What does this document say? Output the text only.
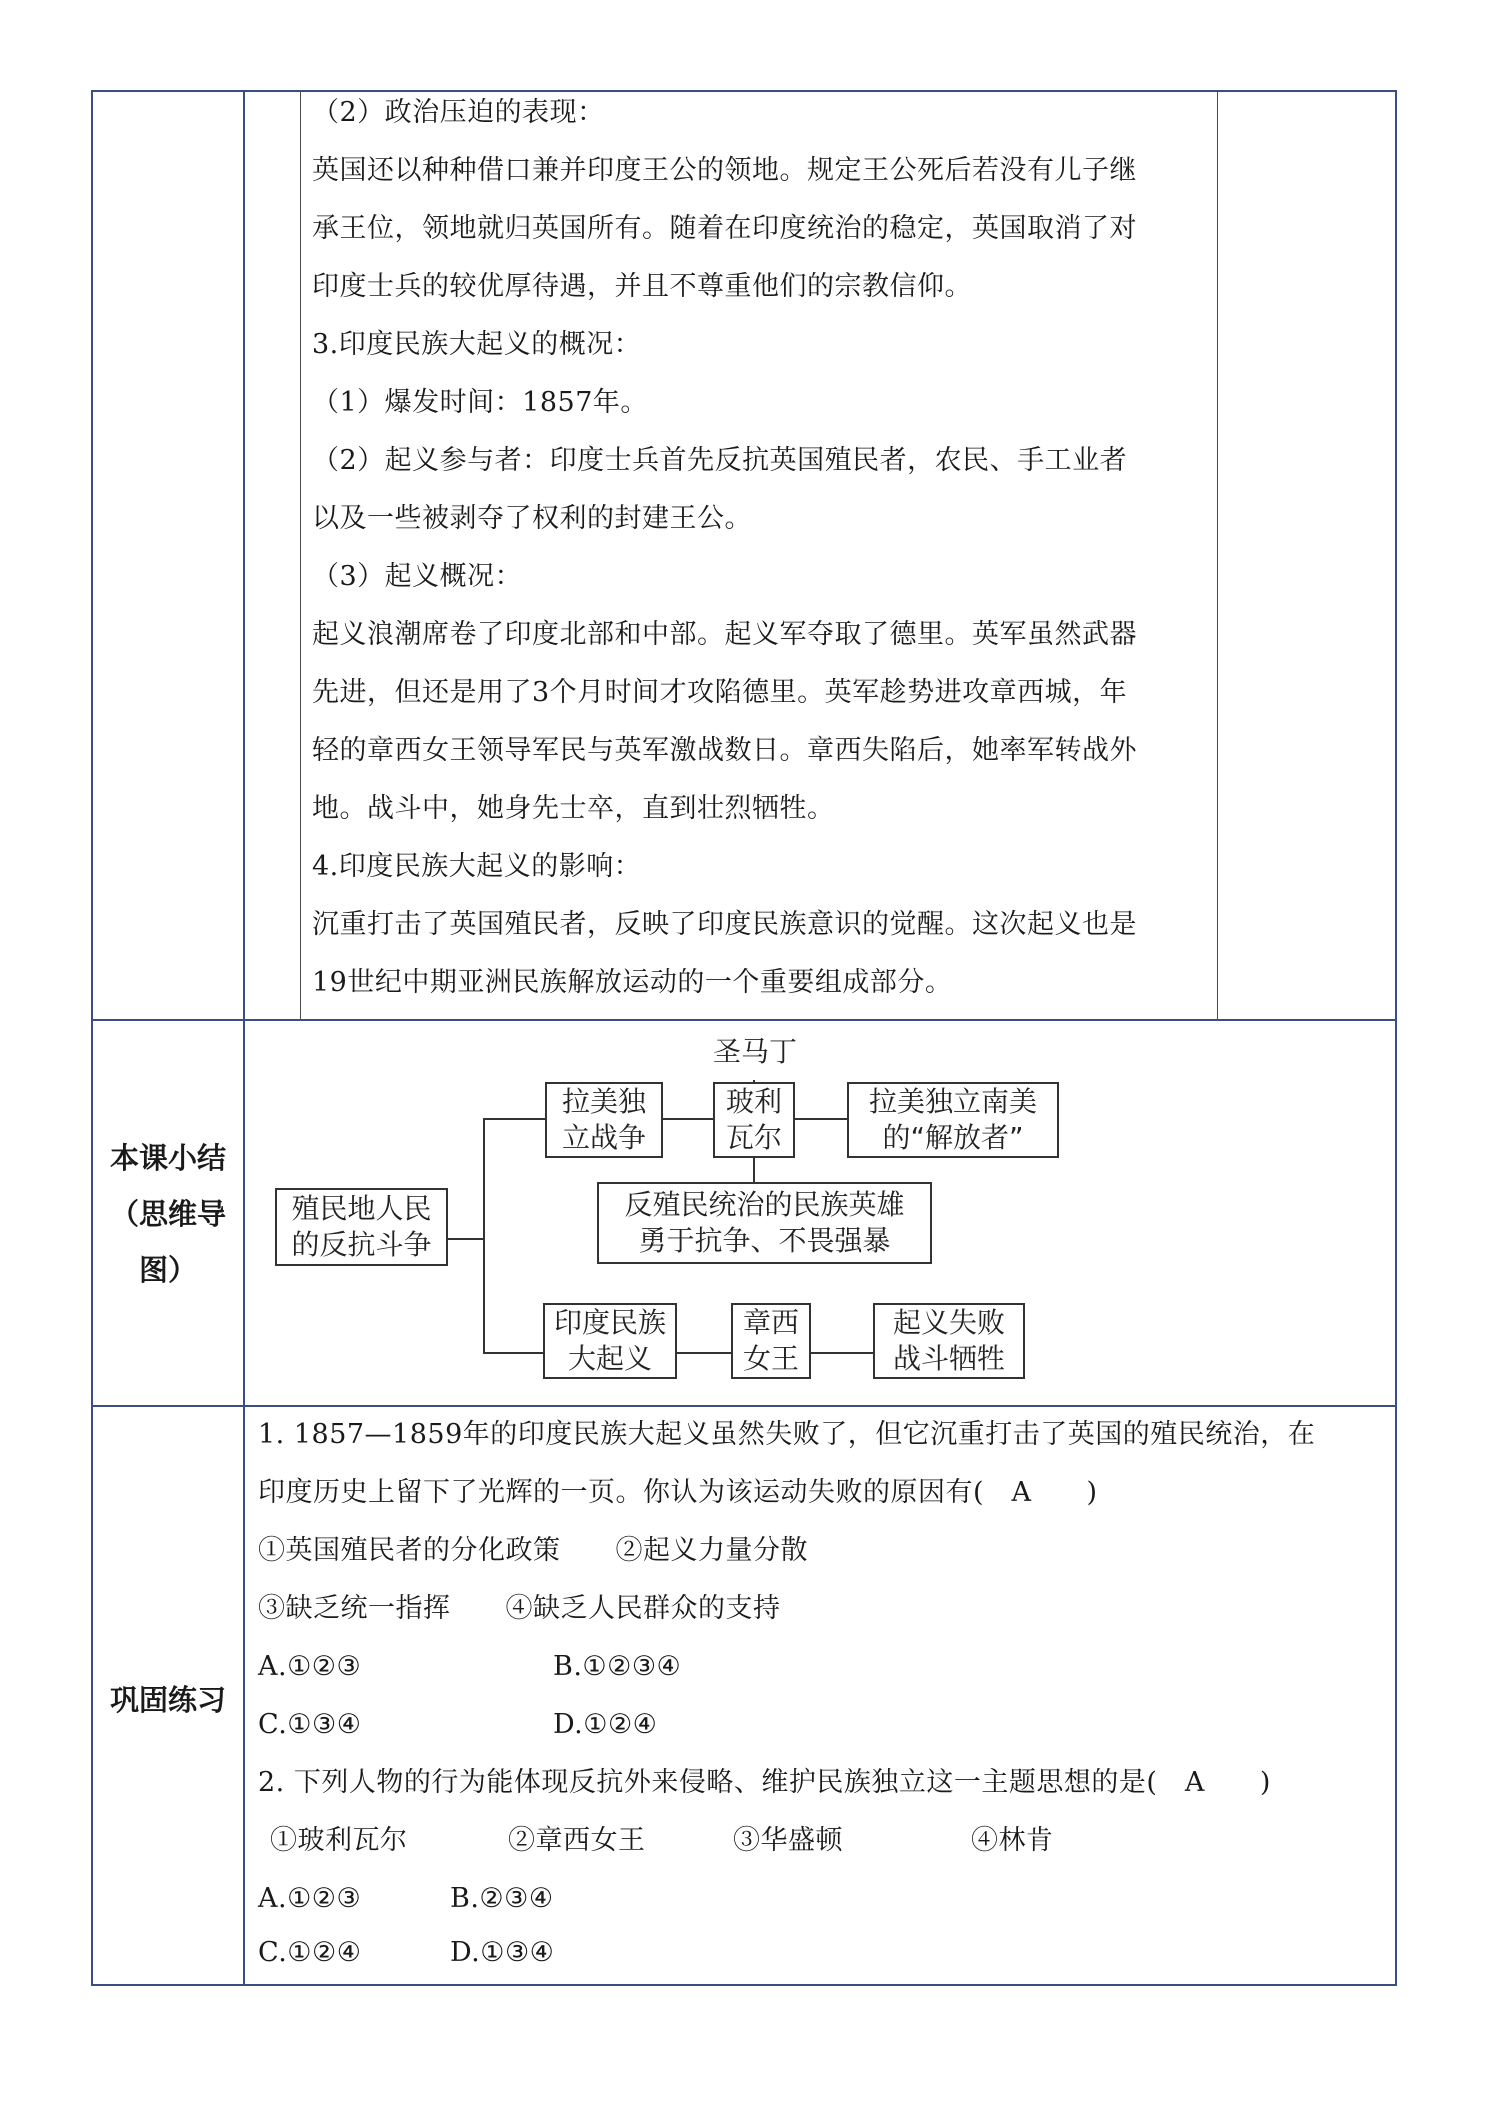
（2）政治压迫的表现：
英国还以种种借口兼并印度王公的领地。规定王公死后若没有儿子继
承王位，领地就归英国所有。随着在印度统治的稳定，英国取消了对
印度士兵的较优厚待遇，并且不尊重他们的宗教信仰。
3.印度民族大起义的概况：
（1）爆发时间：1857年。
（2）起义参与者：印度士兵首先反抗英国殖民者，农民、手工业者
以及一些被剥夺了权利的封建王公。
（3）起义概况：
起义浪潮席卷了印度北部和中部。起义军夺取了德里。英军虽然武器
先进，但还是用了3个月时间才攻陷德里。英军趁势进攻章西城，年
轻的章西女王领导军民与英军激战数日。章西失陷后，她率军转战外
地。战斗中，她身先士卒，直到壮烈牺牲。
4.印度民族大起义的影响：
沉重打击了英国殖民者，反映了印度民族意识的觉醒。这次起义也是
19世纪中期亚洲民族解放运动的一个重要组成部分。
本课小结
（思维导
图）
圣马丁
殖民地人民
的反抗斗争
拉美独
立战争
玻利
瓦尔
拉美独立南美
的“解放者”
反殖民统治的民族英雄
勇于抗争、不畏强暴
印度民族
大起义
章西
女王
起义失败
战斗牺牲
巩固练习
1. 1857—1859年的印度民族大起义虽然失败了，但它沉重打击了英国的殖民统治，在
印度历史上留下了光辉的一页。你认为该运动失败的原因有(　A　　)
①英国殖民者的分化政策　　②起义力量分散
③缺乏统一指挥　　④缺乏人民群众的支持
A.①②③	B.①②③④
C.①③④	D.①②④
2. 下列人物的行为能体现反抗外来侵略、维护民族独立这一主题思想的是(　A　　)
①玻利瓦尔	②章西女王	③华盛顿	④林肯
A.①②③	B.②③④
C.①②④	D.①③④
